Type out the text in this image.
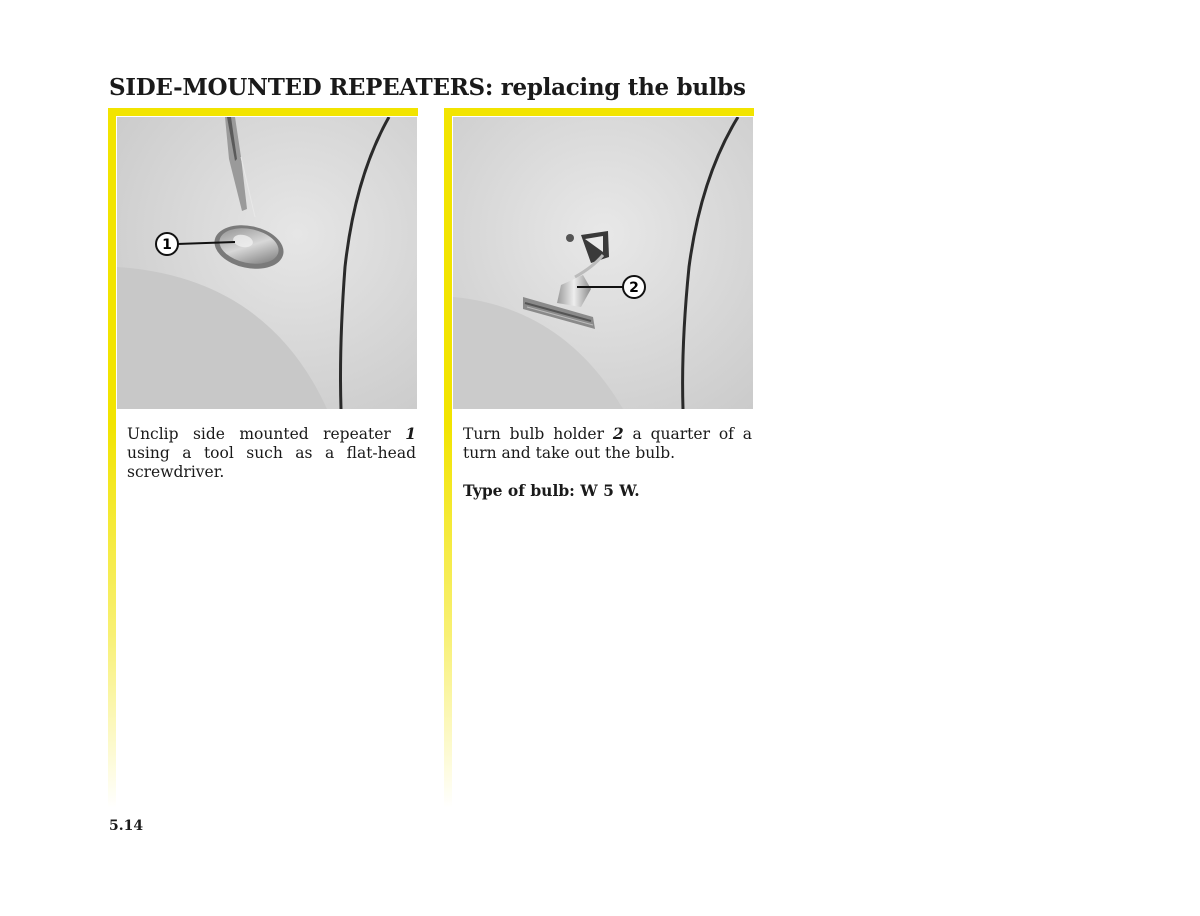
SIDE-MOUNTED REPEATERS: replacing the bulbs
1

Unclip side mounted repeater 1 using a tool such as a flat-head screwdriver.

2

Turn bulb holder 2 a quarter of a turn and take out the bulb.

Type of bulb: W 5 W.

5.14
